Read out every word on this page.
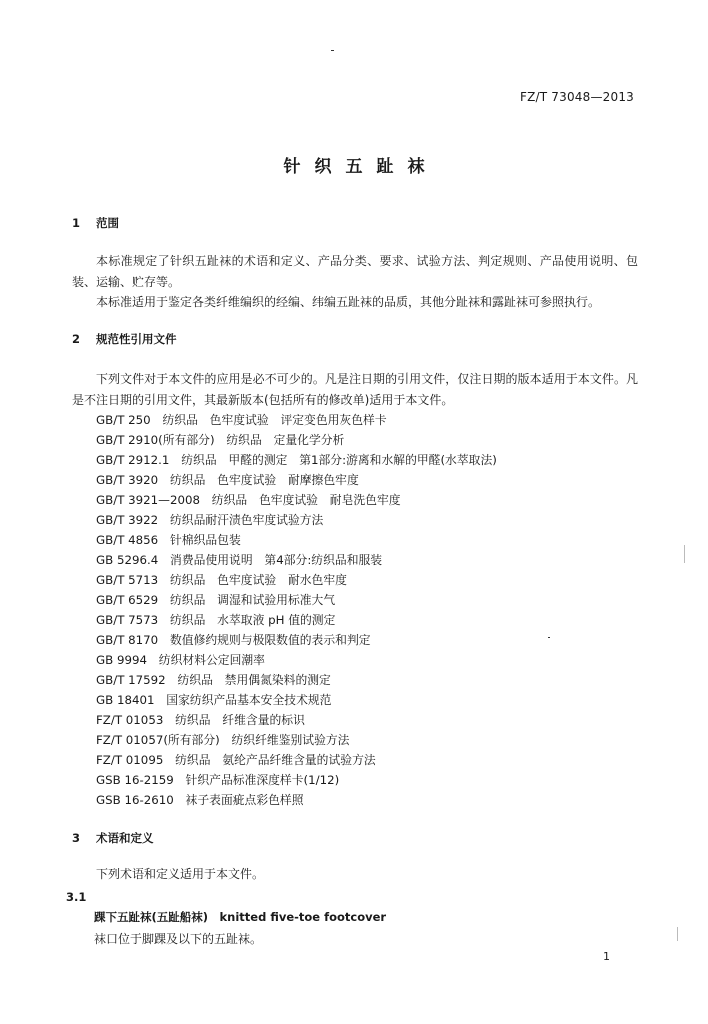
FZ/T 73048—2013

针织五趾袜

1 范围

本标准规定了针织五趾袜的术语和定义、产品分类、要求、试验方法、判定规则、产品使用说明、包装、运输、贮存等。

本标准适用于鉴定各类纤维编织的经编、纬编五趾袜的品质，其他分趾袜和露趾袜可参照执行。

2 规范性引用文件

下列文件对于本文件的应用是必不可少的。凡是注日期的引用文件，仅注日期的版本适用于本文件。凡是不注日期的引用文件，其最新版本(包括所有的修改单)适用于本文件。

GB/T 250　纺织品　色牢度试验　评定变色用灰色样卡

GB/T 2910(所有部分)　纺织品　定量化学分析

GB/T 2912.1　纺织品　甲醛的测定　第1部分:游离和水解的甲醛(水萃取法)

GB/T 3920　纺织品　色牢度试验　耐摩擦色牢度

GB/T 3921—2008　纺织品　色牢度试验　耐皂洗色牢度

GB/T 3922　纺织品耐汗渍色牢度试验方法

GB/T 4856　针棉织品包装

GB 5296.4　消费品使用说明　第4部分:纺织品和服装

GB/T 5713　纺织品　色牢度试验　耐水色牢度

GB/T 6529　纺织品　调湿和试验用标准大气

GB/T 7573　纺织品　水萃取液 pH 值的测定

GB/T 8170　数值修约规则与极限数值的表示和判定

GB 9994　纺织材料公定回潮率

GB/T 17592　纺织品　禁用偶氮染料的测定

GB 18401　国家纺织产品基本安全技术规范

FZ/T 01053　纺织品　纤维含量的标识

FZ/T 01057(所有部分)　纺织纤维鉴别试验方法

FZ/T 01095　纺织品　氨纶产品纤维含量的试验方法

GSB 16-2159　针织产品标准深度样卡(1/12)

GSB 16-2610　袜子表面疵点彩色样照

3 术语和定义

下列术语和定义适用于本文件。

3.1

踝下五趾袜(五趾船袜)　knitted five-toe footcover

袜口位于脚踝及以下的五趾袜。

1
